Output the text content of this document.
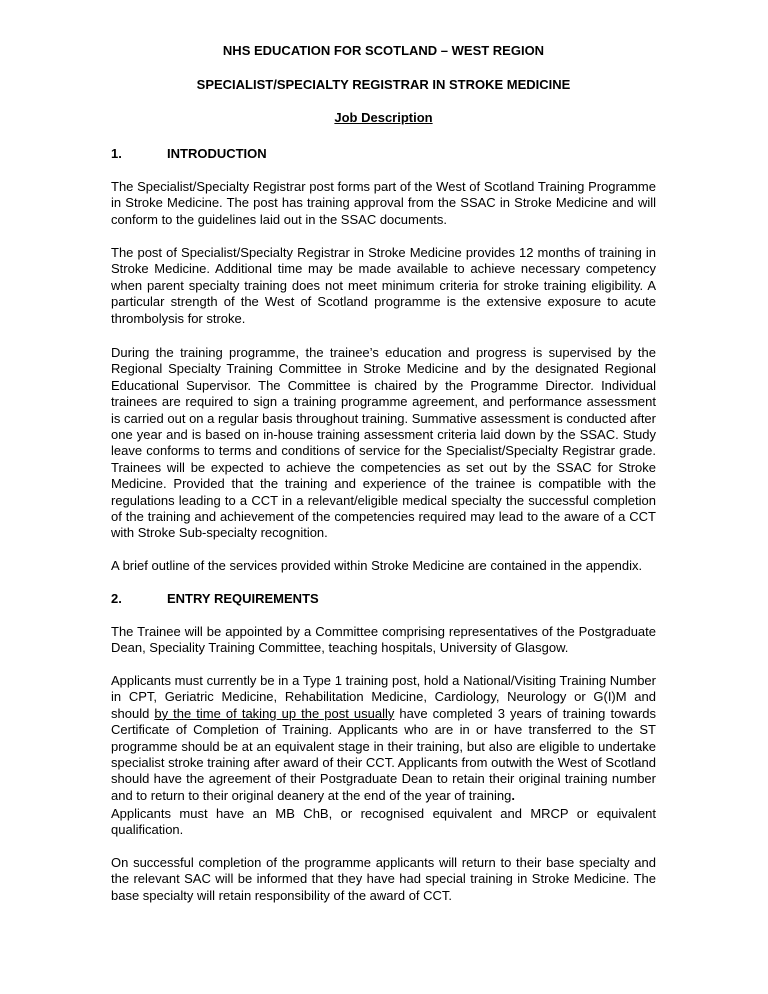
NHS EDUCATION FOR SCOTLAND – WEST REGION
SPECIALIST/SPECIALTY REGISTRAR IN STROKE MEDICINE
Job Description
1.	INTRODUCTION
The Specialist/Specialty Registrar post forms part of the West of Scotland Training Programme in Stroke Medicine. The post has training approval from the SSAC in Stroke Medicine and will conform to the guidelines laid out in the SSAC documents.
The post of Specialist/Specialty Registrar in Stroke Medicine provides 12 months of training in Stroke Medicine. Additional time may be made available to achieve necessary competency when parent specialty training does not meet minimum criteria for stroke training eligibility. A particular strength of the West of Scotland programme is the extensive exposure to acute thrombolysis for stroke.
During the training programme, the trainee’s education and progress is supervised by the Regional Specialty Training Committee in Stroke Medicine and by the designated Regional Educational Supervisor. The Committee is chaired by the Programme Director. Individual trainees are required to sign a training programme agreement, and performance assessment is carried out on a regular basis throughout training. Summative assessment is conducted after one year and is based on in-house training assessment criteria laid down by the SSAC. Study leave conforms to terms and conditions of service for the Specialist/Specialty Registrar grade. Trainees will be expected to achieve the competencies as set out by the SSAC for Stroke Medicine. Provided that the training and experience of the trainee is compatible with the regulations leading to a CCT in a relevant/eligible medical specialty the successful completion of the training and achievement of the competencies required may lead to the aware of a CCT with Stroke Sub-specialty recognition.
A brief outline of the services provided within Stroke Medicine are contained in the appendix.
2.	ENTRY REQUIREMENTS
The Trainee will be appointed by a Committee comprising representatives of the Postgraduate Dean, Speciality Training Committee, teaching hospitals, University of Glasgow.
Applicants must currently be in a Type 1 training post, hold a National/Visiting Training Number in CPT, Geriatric Medicine, Rehabilitation Medicine, Cardiology, Neurology or G(I)M and should by the time of taking up the post usually have completed 3 years of training towards Certificate of Completion of Training. Applicants who are in or have transferred to the ST programme should be at an equivalent stage in their training, but also are eligible to undertake specialist stroke training after award of their CCT. Applicants from outwith the West of Scotland should have the agreement of their Postgraduate Dean to retain their original training number and to return to their original deanery at the end of the year of training.
Applicants must have an MB ChB, or recognised equivalent and MRCP or equivalent qualification.
On successful completion of the programme applicants will return to their base specialty and the relevant SAC will be informed that they have had special training in Stroke Medicine. The base specialty will retain responsibility of the award of CCT.
